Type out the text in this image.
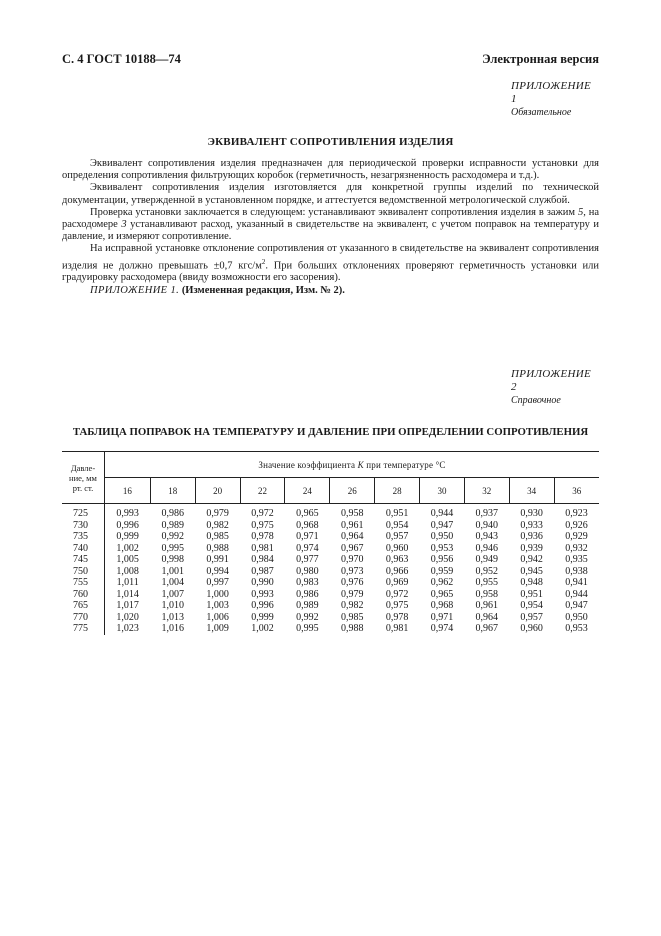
С. 4 ГОСТ 10188—74	Электронная версия
ПРИЛОЖЕНИЕ 1
Обязательное
ЭКВИВАЛЕНТ СОПРОТИВЛЕНИЯ ИЗДЕЛИЯ

Эквивалент сопротивления изделия предназначен для периодической проверки исправности установки для определения сопротивления фильтрующих коробок (герметичность, незагрязненность расходомера и т.д.).

Эквивалент сопротивления изделия изготовляется для конкретной группы изделий по технической документации, утвержденной в установленном порядке, и аттестуется ведомственной метрологической службой.

Проверка установки заключается в следующем: устанавливают эквивалент сопротивления изделия в зажим 5, на расходомере 3 устанавливают расход, указанный в свидетельстве на эквивалент, с учетом поправок на температуру и давление, и измеряют сопротивление.

На исправной установке отклонение сопротивления от указанного в свидетельстве на эквивалент сопротивления изделия не должно превышать ±0,7 кгс/$м^2$. При больших отклонениях проверяют герметичность установки или градуировку расходомера (ввиду возможности его засорения).

ПРИЛОЖЕНИЕ 1. (Измененная редакция, Изм. № 2).

ПРИЛОЖЕНИЕ 2
Справочное
ТАБЛИЦА ПОПРАВОК НА ТЕМПЕРАТУРУ И ДАВЛЕНИЕ ПРИ ОПРЕДЕЛЕНИИ СОПРОТИВЛЕНИЯ
Давле-
ние, мм
рт. ст.	Значение коэффициента К при температуре °С										
	16	18	20	22	24	26	28	30	32	34	36
725	0,993	0,986	0,979	0,972	0,965	0,958	0,951	0,944	0,937	0,930	0,923
730	0,996	0,989	0,982	0,975	0,968	0,961	0,954	0,947	0,940	0,933	0,926
735	0,999	0,992	0,985	0,978	0,971	0,964	0,957	0,950	0,943	0,936	0,929
740	1,002	0,995	0,988	0,981	0,974	0,967	0,960	0,953	0,946	0,939	0,932
745	1,005	0,998	0,991	0,984	0,977	0,970	0,963	0,956	0,949	0,942	0,935
750	1,008	1,001	0,994	0,987	0,980	0,973	0,966	0,959	0,952	0,945	0,938
755	1,011	1,004	0,997	0,990	0,983	0,976	0,969	0,962	0,955	0,948	0,941
760	1,014	1,007	1,000	0,993	0,986	0,979	0,972	0,965	0,958	0,951	0,944
765	1,017	1,010	1,003	0,996	0,989	0,982	0,975	0,968	0,961	0,954	0,947
770	1,020	1,013	1,006	0,999	0,992	0,985	0,978	0,971	0,964	0,957	0,950
775	1,023	1,016	1,009	1,002	0,995	0,988	0,981	0,974	0,967	0,960	0,953
